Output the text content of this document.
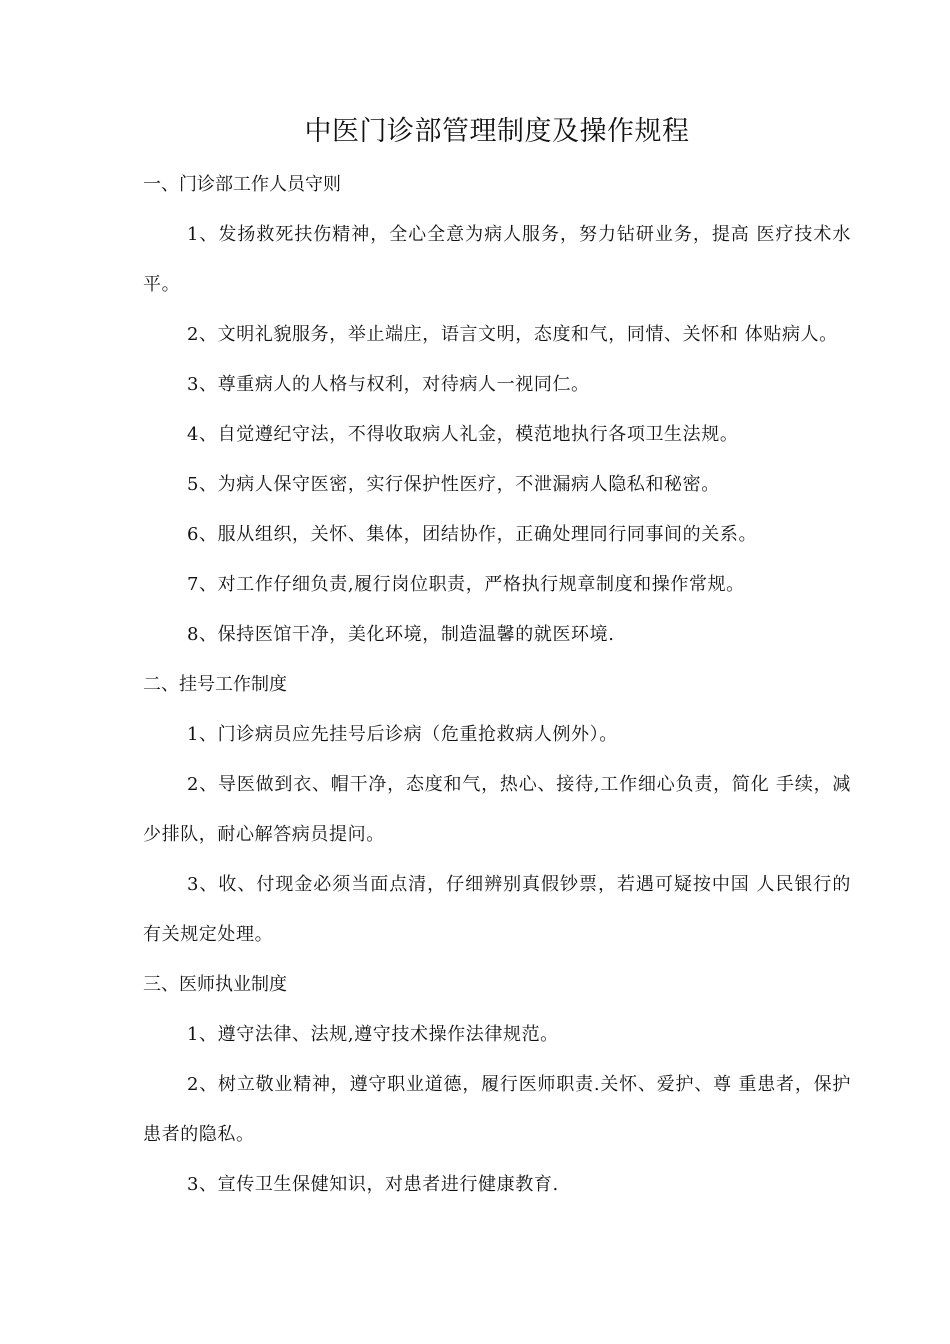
中医门诊部管理制度及操作规程

一、门诊部工作人员守则

1、发扬救死扶伤精神，全心全意为病人服务，努力钻研业务，提高 医疗技术水平。

2、文明礼貌服务，举止端庄，语言文明，态度和气，同情、关怀和 体贴病人。

3、尊重病人的人格与权利，对待病人一视同仁。

4、自觉遵纪守法，不得收取病人礼金，模范地执行各项卫生法规。

5、为病人保守医密，实行保护性医疗，不泄漏病人隐私和秘密。

6、服从组织，关怀、集体，团结协作，正确处理同行同事间的关系。

7、对工作仔细负责,履行岗位职责，严格执行规章制度和操作常规。

8、保持医馆干净，美化环境，制造温馨的就医环境.

二、挂号工作制度

1、门诊病员应先挂号后诊病（危重抢救病人例外）。

2、导医做到衣、帽干净，态度和气，热心、接待,工作细心负责，简化 手续，减少排队，耐心解答病员提问。

3、收、付现金必须当面点清，仔细辨别真假钞票，若遇可疑按中国 人民银行的有关规定处理。

三、医师执业制度

1、遵守法律、法规,遵守技术操作法律规范。

2、树立敬业精神，遵守职业道德，履行医师职责.关怀、爱护、尊 重患者，保护患者的隐私。

3、宣传卫生保健知识，对患者进行健康教育.
